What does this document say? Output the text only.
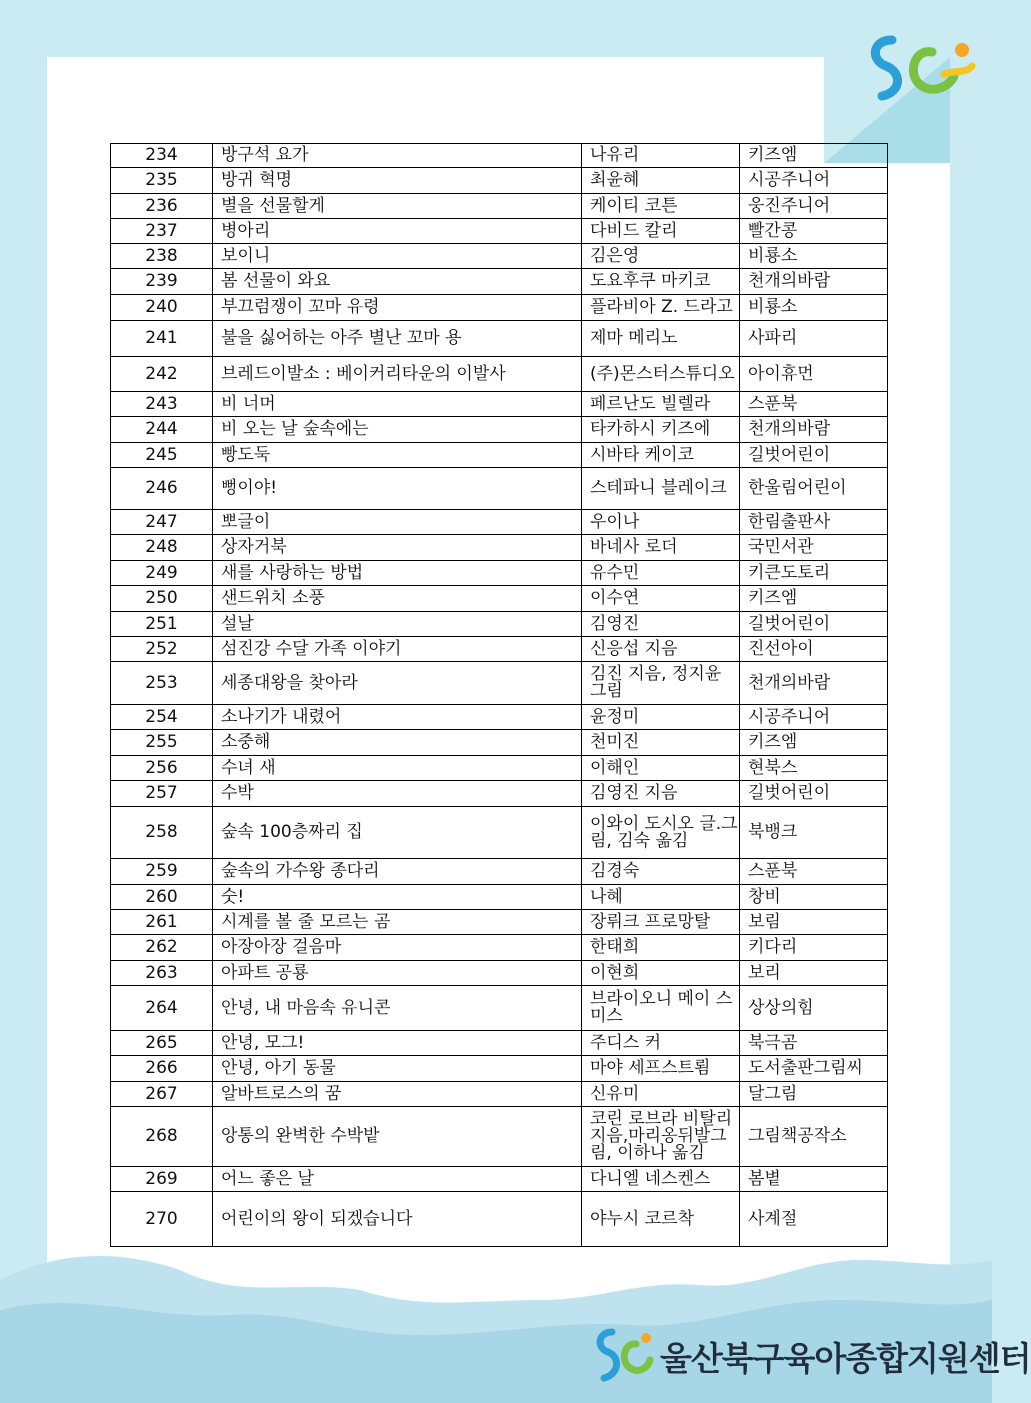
234	방구석 요가	나유리	키즈엠
235	방귀 혁명	최윤혜	시공주니어
236	별을 선물할게	케이티 코튼	웅진주니어
237	병아리	다비드 칼리	빨간콩
238	보이니	김은영	비룡소
239	봄 선물이 와요	도요후쿠 마키코	천개의바람
240	부끄럼쟁이 꼬마 유령	플라비아 Z. 드라고	비룡소
241	불을 싫어하는 아주 별난 꼬마 용	제마 메리노	사파리
242	브레드이발소 : 베이커리타운의 이발사	(주)몬스터스튜디오	아이휴먼
243	비 너머	페르난도 빌렐라	스푼북
244	비 오는 날 숲속에는	타카하시 키즈에	천개의바람
245	빵도둑	시바타 케이코	길벗어린이
246	뻥이야!	스테파니 블레이크	한울림어린이
247	뽀글이	우이나	한림출판사
248	상자거북	바네사 로더	국민서관
249	새를 사랑하는 방법	유수민	키큰도토리
250	샌드위치 소풍	이수연	키즈엠
251	설날	김영진	길벗어린이
252	섬진강 수달 가족 이야기	신응섭 지음	진선아이
253	세종대왕을 찾아라	김진 지음, 정지윤 그림	천개의바람
254	소나기가 내렸어	윤정미	시공주니어
255	소중해	천미진	키즈엠
256	수녀 새	이해인	현북스
257	수박	김영진 지음	길벗어린이
258	숲속 100층짜리 집	이와이 도시오 글.그림, 김숙 옮김	북뱅크
259	숲속의 가수왕 종다리	김경숙	스푼북
260	숫!	나혜	창비
261	시계를 볼 줄 모르는 곰	장뤼크 프로망탈	보림
262	아장아장 걸음마	한태희	키다리
263	아파트 공룡	이현희	보리
264	안녕, 내 마음속 유니콘	브라이오니 메이 스미스	상상의힘
265	안녕, 모그!	주디스 커	북극곰
266	안녕, 아기 동물	마야 세프스트룀	도서출판그림씨
267	알바트로스의 꿈	신유미	달그림
268	앙통의 완벽한 수박밭	코린 로브라 비탈리 지음,마리옹뒤발그림, 이하나 옮김	그림책공작소
269	어느 좋은 날	다니엘 네스켄스	봄볕
270	어린이의 왕이 되겠습니다	야누시 코르착	사계절
울산북구육아종합지원센터
